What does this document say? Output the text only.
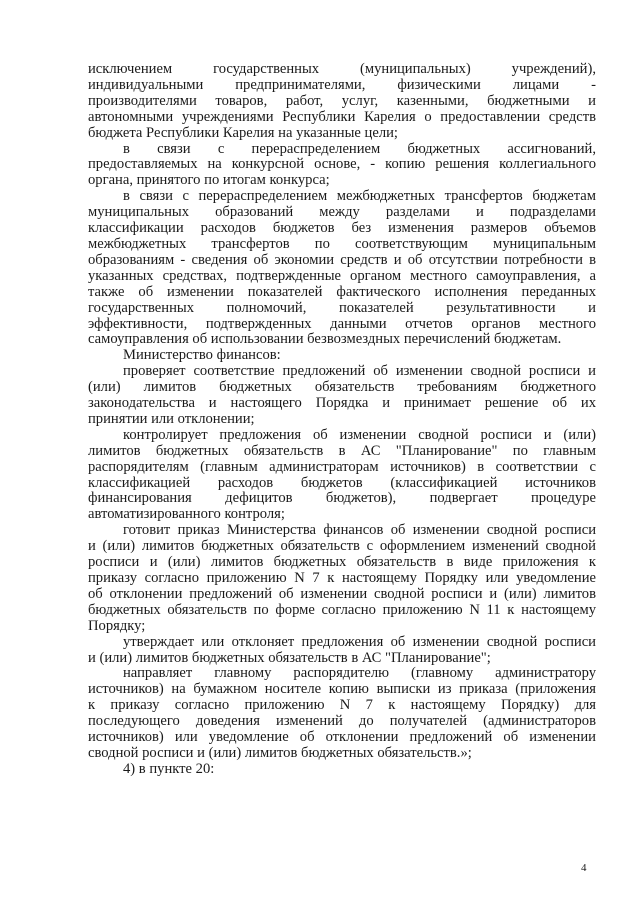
исключением государственных (муниципальных) учреждений),
индивидуальными предпринимателями, физическими лицами -
производителями товаров, работ, услуг, казенными, бюджетными и
автономными учреждениями Республики Карелия о предоставлении средств
бюджета Республики Карелия на указанные цели;
в связи с перераспределением бюджетных ассигнований,
предоставляемых на конкурсной основе, - копию решения коллегиального
органа, принятого по итогам конкурса;
в связи с перераспределением межбюджетных трансфертов бюджетам
муниципальных образований между разделами и подразделами
классификации расходов бюджетов без изменения размеров объемов
межбюджетных трансфертов по соответствующим муниципальным
образованиям - сведения об экономии средств и об отсутствии потребности в
указанных средствах, подтвержденные органом местного самоуправления, а
также об изменении показателей фактического исполнения переданных
государственных полномочий, показателей результативности и
эффективности, подтвержденных данными отчетов органов местного
самоуправления об использовании безвозмездных перечислений бюджетам.
Министерство финансов:
проверяет соответствие предложений об изменении сводной росписи и
(или) лимитов бюджетных обязательств требованиям бюджетного
законодательства и настоящего Порядка и принимает решение об их
принятии или отклонении;
контролирует предложения об изменении сводной росписи и (или)
лимитов бюджетных обязательств в АС "Планирование" по главным
распорядителям (главным администраторам источников) в соответствии с
классификацией расходов бюджетов (классификацией источников
финансирования дефицитов бюджетов), подвергает процедуре
автоматизированного контроля;
готовит приказ Министерства финансов об изменении сводной росписи
и (или) лимитов бюджетных обязательств с оформлением изменений сводной
росписи и (или) лимитов бюджетных обязательств в виде приложения к
приказу согласно приложению N 7 к настоящему Порядку или уведомление
об отклонении предложений об изменении сводной росписи и (или) лимитов
бюджетных обязательств по форме согласно приложению N 11 к настоящему
Порядку;
утверждает или отклоняет предложения об изменении сводной росписи
и (или) лимитов бюджетных обязательств в АС "Планирование";
направляет главному распорядителю (главному администратору
источников) на бумажном носителе копию выписки из приказа (приложения
к приказу согласно приложению N 7 к настоящему Порядку) для
последующего доведения изменений до получателей (администраторов
источников) или уведомление об отклонении предложений об изменении
сводной росписи и (или) лимитов бюджетных обязательств.»;
4) в пункте 20:
4
